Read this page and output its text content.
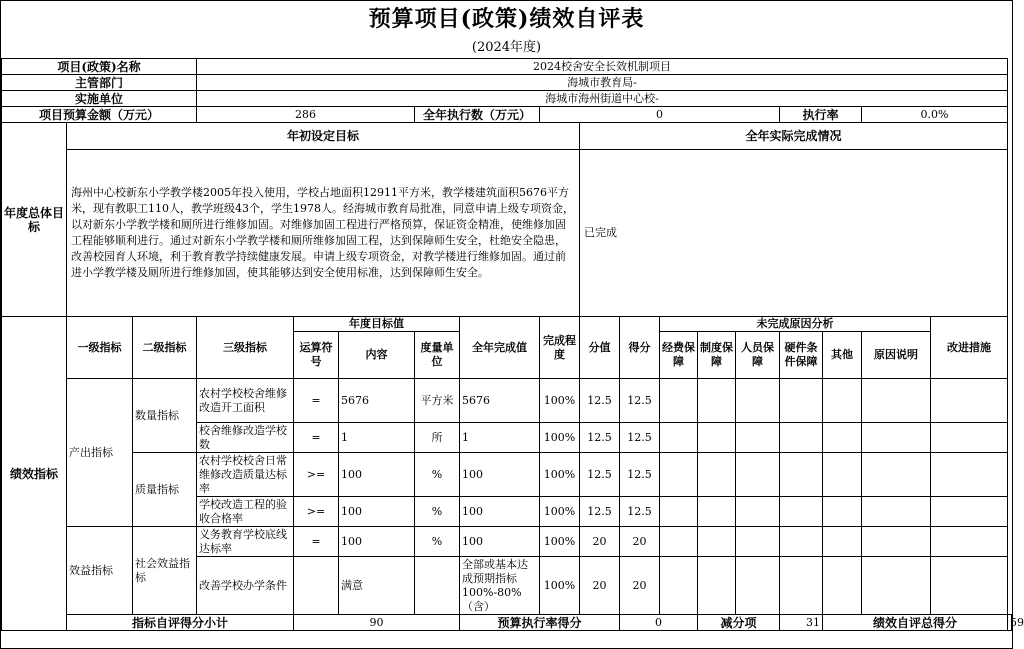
预算项目(政策)绩效自评表
(2024年度)
项目(政策)名称			2024校舍安全长效机制项目															
主管部门			海城市教育局-															
实施单位			海城市海州街道中心校-															
项目预算金额（万元）			286			全年执行数（万元）		0						执行率		0.0%		
年度总体目标	年初设定目标								全年实际完成情况									
	海州中心校新东小学教学楼2005年投入使用，学校占地面积12911平方米，教学楼建筑面积5676平方米，现有教职工110人，教学班级43个，学生1978人。经海城市教育局批准，同意申请上级专项资金，以对新东小学教学楼和厕所进行维修加固。对维修加固工程进行严格预算，保证资金精准，使维修加固工程能够顺利进行。通过对新东小学教学楼和厕所维修加固工程，达到保障师生安全，杜绝安全隐患，改善校园育人环境，利于教育教学持续健康发展。申请上级专项资金，对教学楼进行维修加固。通过前进小学教学楼及厕所进行维修加固，使其能够达到安全使用标准，达到保障师生安全。								已完成									
绩效指标	一级指标	二级指标	三级指标	年度目标值			全年完成值	完成程度	分值	得分	未完成原因分析						改进措施	
				运算符号	内容	度量单位					经费保障	制度保障	人员保障	硬件条件保障	其他	原因说明		
	产出指标	数量指标	农村学校校舍维修改造开工面积	=	5676	平方米	5676	100%	12.5	12.5								
			校舍维修改造学校数	=	1	所	1	100%	12.5	12.5								
		质量指标	农村学校校舍日常维修改造质量达标率	>=	100	%	100	100%	12.5	12.5								
			学校改造工程的验收合格率	>=	100	%	100	100%	12.5	12.5								
	效益指标	社会效益指标	义务教育学校底线达标率	=	100	%	100	100%	20	20								
			改善学校办学条件		满意		全部或基本达成预期指标100%-80%（含）	100%	20	20								
	指标自评得分小计			90			预算执行率得分			0		减分项		31	绩效自评总得分			59
